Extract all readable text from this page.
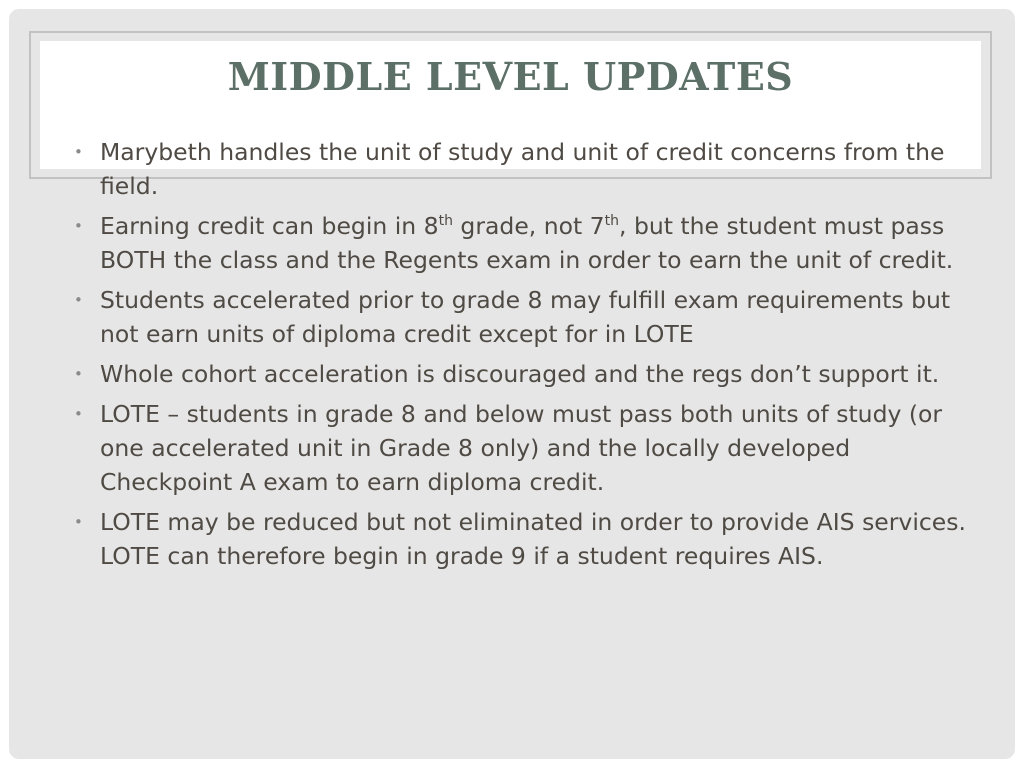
MIDDLE LEVEL UPDATES
• Marybeth handles the unit of study and unit of credit concerns from the field.
• Earning credit can begin in 8th grade, not 7th, but the student must pass BOTH the class and the Regents exam in order to earn the unit of credit.
• Students accelerated prior to grade 8 may fulfill exam requirements but not earn units of diploma credit except for in LOTE
• Whole cohort acceleration is discouraged and the regs don’t support it.
• LOTE – students in grade 8 and below must pass both units of study (or one accelerated unit in Grade 8 only) and the locally developed Checkpoint A exam to earn diploma credit.
• LOTE may be reduced but not eliminated in order to provide AIS services. LOTE can therefore begin in grade 9 if a student requires AIS.
